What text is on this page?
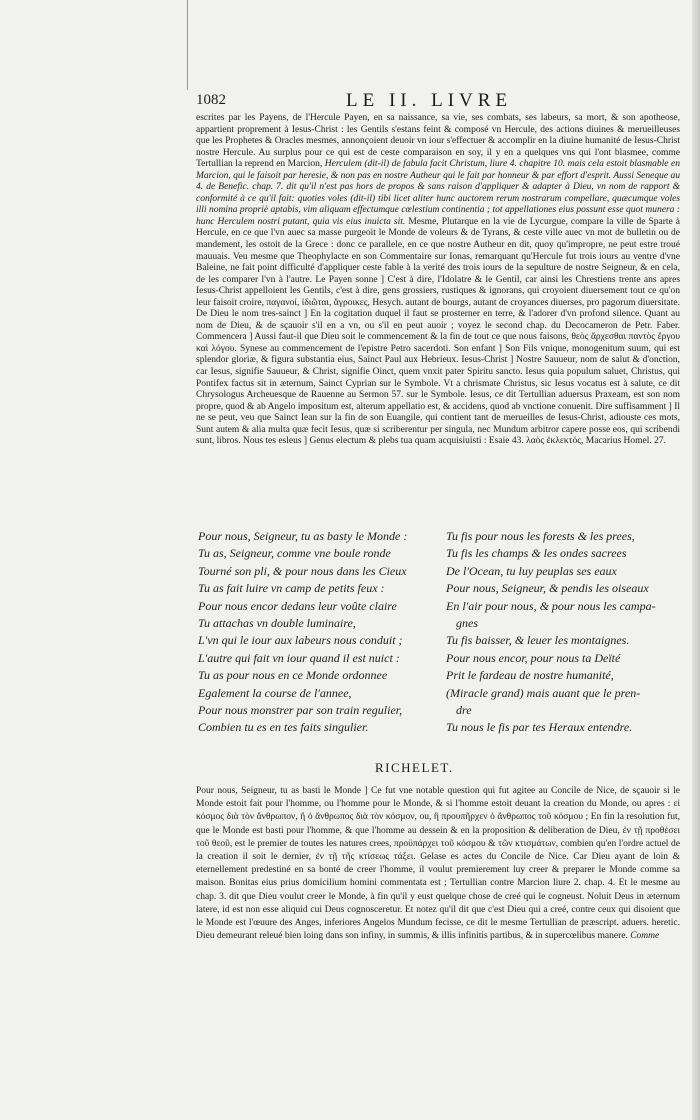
1082	LE II. LIVRE

escrites par les Payens, de l'Hercule Payen, en sa naissance, sa vie, ses combats, ses labeurs, sa mort, & son apotheose, appartient proprement à Iesus-Christ : les Gentils s'estans feint & composé vn Hercule, des actions diuines & merueilleuses que les Prophetes & Oracles mesmes, annonçoient deuoir vn iour s'effectuer & accomplir en la diuine humanité de Iesus-Christ nostre Hercule. Au surplus pour ce qui est de ceste comparaison en soy, il y en a quelques vns qui l'ont blasmee, comme Tertullian la reprend en Marcion, Herculem (dit-il) de fabula facit Christum, liure 4. chapitre 10. mais cela estoit blasmable en Marcion, qui le faisoit par heresie, & non pas en nostre Autheur qui le fait par honneur & par effort d'esprit. Aussi Seneque au 4. de Benefic. chap. 7. dit qu'il n'est pas hors de propos & sans raison d'appliquer & adapter à Dieu, vn nom de rapport & conformité à ce qu'il fait: quoties voles (dit-il) tibi licet aliter hunc auctorem rerum nostrarum compellare, quæcumque voles illi nomina propriè aptabis, vim aliquam effectumque cœlestium continentia ; tot appellationes eius possunt esse quot munera : hunc Herculem nostri putant, quia vis eius inuicta sit. Mesme, Plutarque en la vie de Lycurgue, compare la ville de Sparte à Hercule, en ce que l'vn auec sa masse purgeoit le Monde de voleurs & de Tyrans, & ceste ville auec vn mot de bulletin ou de mandement, les ostoit de la Grece : donc ce parallele, en ce que nostre Autheur en dit, quoy qu'impropre, ne peut estre troué mauuais. Veu mesme que Theophylacte en son Commentaire sur Ionas, remarquant qu'Hercule fut trois iours au ventre d'vne Baleine, ne fait point difficulté d'appliquer ceste fable à la verité des trois iours de la sepulture de nostre Seigneur, & en cela, de les comparer l'vn à l'autre. Le Payen sonne ] C'est à dire, l'Idolatre & le Gentil, car ainsi les Chrestiens trente ans apres Iesus-Christ appelloient les Gentils, c'est à dire, gens grossiers, rustiques & ignorans, qui croyoient diuersement tout ce qu'on leur faisoit croire, παγανοί, ἰδιῶται, ἄγροικες, Hesych. autant de bourgs, autant de croyances diuerses, pro pagorum diuersitate. De Dieu le nom tres-sainct ] En la cogitation duquel il faut se prosterner en terre, & l'adorer d'vn profond silence. Quant au nom de Dieu, & de sçauoir s'il en a vn, ou s'il en peut auoir ; voyez le second chap. du Decocameron de Petr. Faber. Commencera ] Aussi faut-il que Dieu soit le commencement & la fin de tout ce que nous faisons, θεὸς ἄρχεσθαι παντὸς ἔργου καὶ λόγου. Synese au commencement de l'epistre Petro sacerdoti. Son enfant ] Son Fils vnique, monogenitum suum, qui est splendor gloriæ, & figura substantia eius, Sainct Paul aux Hebrieux. Iesus-Christ ] Nostre Sauueur, nom de salut & d'onction, car Iesus, signifie Sauueur, & Christ, signifie Oinct, quem vnxit pater Spiritu sancto. Iesus quia populum saluet, Christus, qui Pontifex factus sit in æternum, Sainct Cyprian sur le Symbole. Vt a chrismate Christus, sic Iesus vocatus est à salute, ce dit Chrysologus Archeuesque de Rauenne au Sermon 57. sur le Symbole. Iesus, ce dit Tertullian aduersus Praxeam, est son nom propre, quod & ab Angelo impositum est, alterum appellatio est, & accidens, quod ab vnctione conuenit. Dire suffisamment ] Il ne se peut, veu que Sainct Iean sur la fin de son Euangile, qui contient tant de merueilles de Iesus-Christ, adiouste ces mots, Sunt autem & alia multa quæ fecit Iesus, quæ si scriberentur per singula, nec Mundum arbitror capere posse eos, qui scribendi sunt, libros. Nous tes esleus ] Genus electum & plebs tua quam acquisiuisti : Esaie 43. λαὸς ἐκλεκτός, Macarius Homel. 27.

Pour nous, Seigneur, tu as basty le Monde :
Tu as, Seigneur, comme vne boule ronde
Tourné son pli, & pour nous dans les Cieux
Tu as fait luire vn camp de petits feux :
Pour nous encor dedans leur voûte claire
Tu attachas vn double luminaire,
L'vn qui le iour aux labeurs nous conduit ;
L'autre qui fait vn iour quand il est nuict :
Tu as pour nous en ce Monde ordonnee
Egalement la course de l'annee,
Pour nous monstrer par son train regulier,
Combien tu es en tes faits singulier.
Tu fis pour nous les forests & les prees,
Tu fis les champs & les ondes sacrees
De l'Ocean, tu luy peuplas ses eaux
Pour nous, Seigneur, & pendis les oiseaux
En l'air pour nous, & pour nous les campa-
gnes
Tu fis baisser, & leuer les montaignes.
Pour nous encor, pour nous ta Deïté
Prit le fardeau de nostre humanité,
(Miracle grand) mais auant que le pren-
dre
Tu nous le fis par tes Heraux entendre.
RICHELET.

Pour nous, Seigneur, tu as basti le Monde ] Ce fut vne notable question qui fut agitee au Concile de Nice, de sçauoir si le Monde estoit fait pour l'homme, ou l'homme pour le Monde, & si l'homme estoit deuant la creation du Monde, ou apres : εἰ κόσμος διὰ τὸν ἄνθρωπον, ἢ ὁ ἄνθρωπος διὰ τὸν κόσμον, ou, ἢ προυπῆρχεν ὁ ἄνθρωπος τοῦ κόσμου ; En fin la resolution fut, que le Monde est basti pour l'homme, & que l'homme au dessein & en la proposition & deliberation de Dieu, ἐν τῇ προθέσει τοῦ θεοῦ, est le premier de toutes les natures crees, προϋπάρχει τοῦ κόσμου & τῶν κτισμάτων, combien qu'en l'ordre actuel de la creation il soit le dernier, ἐν τῇ τῆς κτίσεως τάξει. Gelase es actes du Concile de Nice. Car Dieu ayant de loin & eternellement predestiné en sa bonté de creer l'homme, il voulut premierement luy creer & preparer le Monde comme sa maison. Bonitas eius prius domicilium homini commentata est ; Tertullian contre Marcion liure 2. chap. 4. Et le mesme au chap. 3. dit que Dieu voulut creer le Monde, à fin qu'il y eust quelque chose de creé qui le cogneust. Noluit Deus in æternum latere, id est non esse aliquid cui Deus cognosceretur. Et notez qu'il dit que c'est Dieu qui a creé, contre ceux qui disoient que le Monde est l'œuure des Anges, inferiores Angelos Mundum fecisse, ce dit le mesme Tertullian de præscript. aduers. heretic. Dieu demeurant releué bien loing dans son infiny, in summis, & illis infinitis partibus, & in supercœlibus manere. Comme
